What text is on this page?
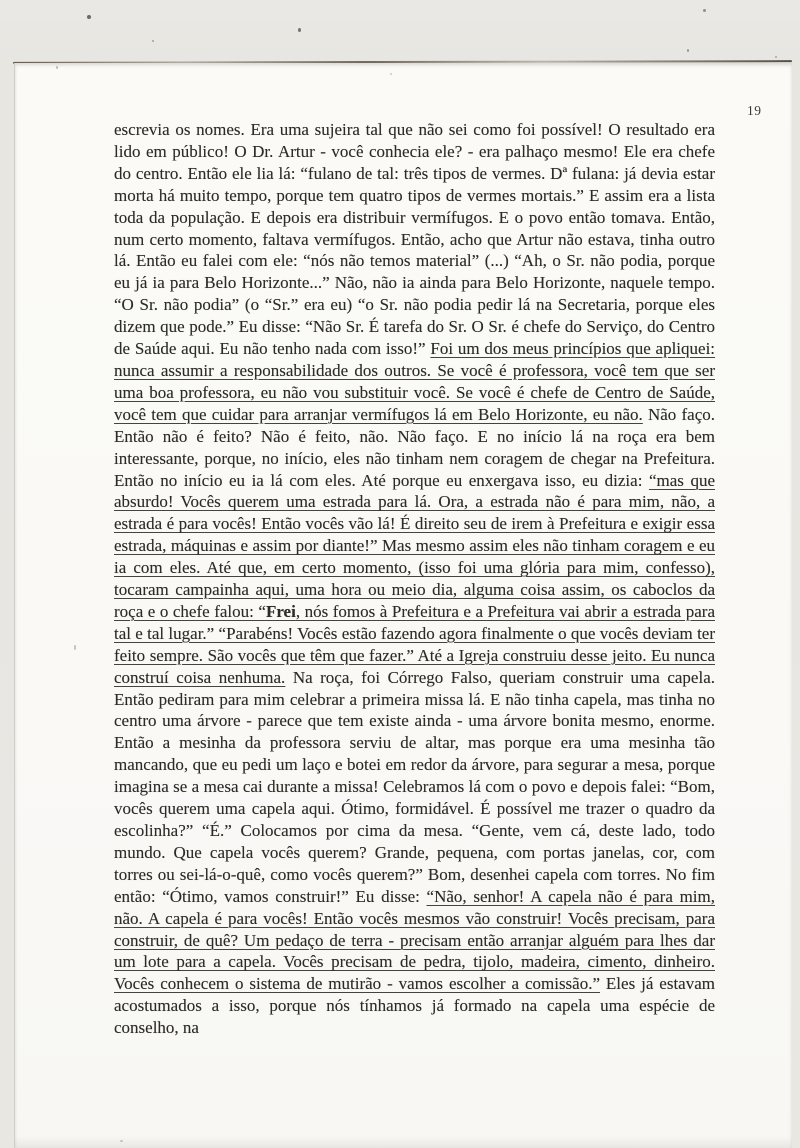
19

escrevia os nomes. Era uma sujeira tal que não sei como foi possível! O resultado era lido em público! O Dr. Artur - você conhecia ele? - era palhaço mesmo! Ele era chefe do centro. Então ele lia lá: “fulano de tal: três tipos de vermes. Dª fulana: já devia estar morta há muito tempo, porque tem quatro tipos de vermes mortais.” E assim era a lista toda da população. E depois era distribuir vermífugos. E o povo então tomava. Então, num certo momento, faltava vermífugos. Então, acho que Artur não estava, tinha outro lá. Então eu falei com ele: “nós não temos material” (...) “Ah, o Sr. não podia, porque eu já ia para Belo Horizonte...” Não, não ia ainda para Belo Horizonte, naquele tempo. “O Sr. não podia” (o “Sr.” era eu) “o Sr. não podia pedir lá na Secretaria, porque eles dizem que pode.” Eu disse: “Não Sr. É tarefa do Sr. O Sr. é chefe do Serviço, do Centro de Saúde aqui. Eu não tenho nada com isso!” Foi um dos meus princípios que apliquei: nunca assumir a responsabilidade dos outros. Se você é professora, você tem que ser uma boa professora, eu não vou substituir você. Se você é chefe de Centro de Saúde, você tem que cuidar para arranjar vermífugos lá em Belo Horizonte, eu não. Não faço. Então não é feito? Não é feito, não. Não faço. E no início lá na roça era bem interessante, porque, no início, eles não tinham nem coragem de chegar na Prefeitura. Então no início eu ia lá com eles. Até porque eu enxergava isso, eu dizia: “mas que absurdo! Vocês querem uma estrada para lá. Ora, a estrada não é para mim, não, a estrada é para vocês! Então vocês vão lá! É direito seu de irem à Prefeitura e exigir essa estrada, máquinas e assim por diante!” Mas mesmo assim eles não tinham coragem e eu ia com eles. Até que, em certo momento, (isso foi uma glória para mim, confesso), tocaram campainha aqui, uma hora ou meio dia, alguma coisa assim, os caboclos da roça e o chefe falou: “Frei, nós fomos à Prefeitura e a Prefeitura vai abrir a estrada para tal e tal lugar.” “Parabéns! Vocês estão fazendo agora finalmente o que vocês deviam ter feito sempre. São vocês que têm que fazer.” Até a Igreja construiu desse jeito. Eu nunca construí coisa nenhuma. Na roça, foi Córrego Falso, queriam construir uma capela. Então pediram para mim celebrar a primeira missa lá. E não tinha capela, mas tinha no centro uma árvore - parece que tem existe ainda - uma árvore bonita mesmo, enorme. Então a mesinha da professora serviu de altar, mas porque era uma mesinha tão mancando, que eu pedi um laço e botei em redor da árvore, para segurar a mesa, porque imagina se a mesa cai durante a missa! Celebramos lá com o povo e depois falei: “Bom, vocês querem uma capela aqui. Ótimo, formidável. É possível me trazer o quadro da escolinha?” “É.” Colocamos por cima da mesa. “Gente, vem cá, deste lado, todo mundo. Que capela vocês querem? Grande, pequena, com portas janelas, cor, com torres ou sei-lá-o-quê, como vocês querem?” Bom, desenhei capela com torres. No fim então: “Ótimo, vamos construir!” Eu disse: “Não, senhor! A capela não é para mim, não. A capela é para vocês! Então vocês mesmos vão construir! Vocês precisam, para construir, de quê? Um pedaço de terra - precisam então arranjar alguém para lhes dar um lote para a capela. Vocês precisam de pedra, tijolo, madeira, cimento, dinheiro. Vocês conhecem o sistema de mutirão - vamos escolher a comissão.” Eles já estavam acostumados a isso, porque nós tínhamos já formado na capela uma espécie de conselho, na
